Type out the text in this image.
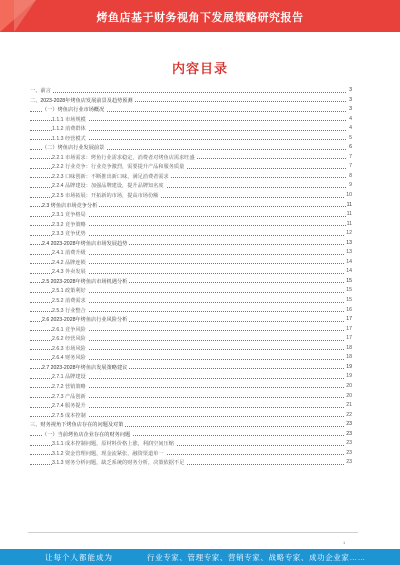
烤鱼店基于财务视角下发展策略研究报告
内容目录
一、前言	3
二、2023-2028年烤鱼店发展前景及趋势预测	3
（一）烤鱼店行业市场概况	3
1.1.1 市场规模	4
1.1.2 消费群体	4
1.1.3 经营模式	5
（二）烤鱼店行业发展前景	6
2.2.1 市场需求：烤鱼行业需求稳定，消费者对烤鱼店需求旺盛	7
2.2.2 行业竞争：行业竞争激烈，需要提升产品和服务质量	7
2.2.3 口味创新：不断推出新口味，满足消费者需求	8
2.2.4 品牌建设：加强品牌建设，提升品牌知名度	9
2.2.5 市场拓展：开拓新的市场，提高市场份额	10
2.3 烤鱼店市场竞争分析	11
2.3.1 竞争格局	11
2.3.2 竞争策略	11
2.3.3 竞争优势	12
2.4 2023-2028年烤鱼店市场发展趋势	13
2.4.1 消费升级	13
2.4.2 品牌连锁	14
2.4.3 外卖发展	14
2.5 2023-2028年烤鱼店市场机遇分析	15
2.5.1 政策利好	15
2.5.2 消费需求	15
2.5.3 行业整合	16
2.6 2023-2028年烤鱼店行业风险分析	17
2.6.1 竞争风险	17
2.6.2 经营风险	17
2.6.3 市场风险	18
2.6.4 财务风险	18
2.7 2023-2028年烤鱼店发展策略建议	19
2.7.1 品牌建设	19
2.7.2 营销策略	20
2.7.3 产品创新	20
2.7.4 服务提升	21
2.7.5 成本控制	22
三、财务视角下烤鱼店存在的问题及对策	23
（一）当前烤鱼店企业存在的财务问题	23
3.1.1 成本控制问题，原材料价格上涨，利润空间压缩	23
3.1.2 资金管理问题，现金流紧张，融资渠道单一	23
3.1.3 财务分析问题，缺乏系统的财务分析，决策依据不足	23
1
让每个人都能成为	行业专家、管理专家、营销专家、战略专家、成功企业家……
